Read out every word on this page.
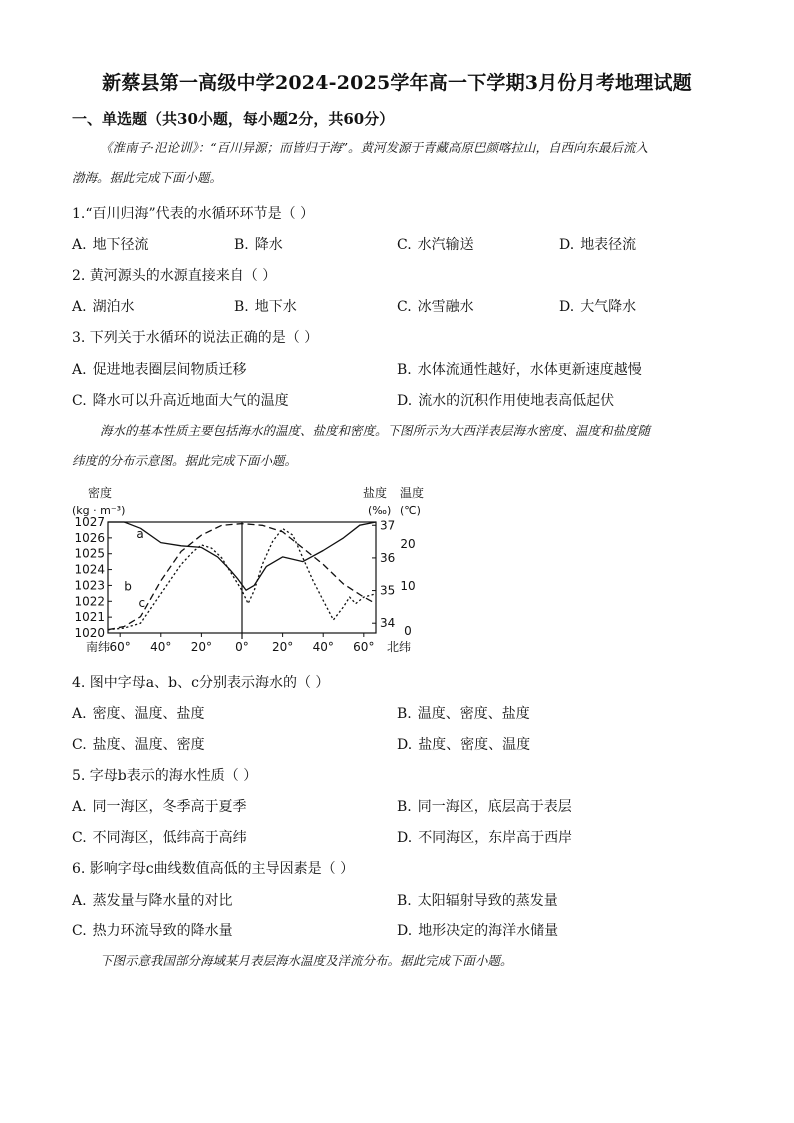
新蔡县第一高级中学2024-2025学年高一下学期3月份月考地理试题
一、单选题（共30小题，每小题2分，共60分）
《淮南子·氾论训》：“百川异源；而皆归于海”。黄河发源于青藏高原巴颜喀拉山，自西向东最后流入
渤海。据此完成下面小题。
1.“百川归海”代表的水循环环节是（ ）
A. 地下径流	B. 降水	C. 水汽输送	D. 地表径流
2. 黄河源头的水源直接来自（ ）
A. 湖泊水	B. 地下水	C. 冰雪融水	D. 大气降水
3. 下列关于水循环的说法正确的是（ ）
A. 促进地表圈层间物质迁移	B. 水体流通性越好，水体更新速度越慢
C. 降水可以升高近地面大气的温度	D. 流水的沉积作用使地表高低起伏
海水的基本性质主要包括海水的温度、盐度和密度。下图所示为大西洋表层海水密度、温度和盐度随
纬度的分布示意图。据此完成下面小题。
密度
(kg · m⁻³)
盐度
(‰)
温度
(℃)
南纬	北纬
1027
1026
1025
1024
1023
1022
1021
1020
37
36
35
34
20
10
0
60° 40° 20° 0° 20° 40° 60°
a
b
c
4. 图中字母a、b、c分别表示海水的（ ）
A. 密度、温度、盐度	B. 温度、密度、盐度
C. 盐度、温度、密度	D. 盐度、密度、温度
5. 字母b表示的海水性质（ ）
A. 同一海区，冬季高于夏季	B. 同一海区，底层高于表层
C. 不同海区，低纬高于高纬	D. 不同海区，东岸高于西岸
6. 影响字母c曲线数值高低的主导因素是（ ）
A. 蒸发量与降水量的对比	B. 太阳辐射导致的蒸发量
C. 热力环流导致的降水量	D. 地形决定的海洋水储量
下图示意我国部分海域某月表层海水温度及洋流分布。据此完成下面小题。
